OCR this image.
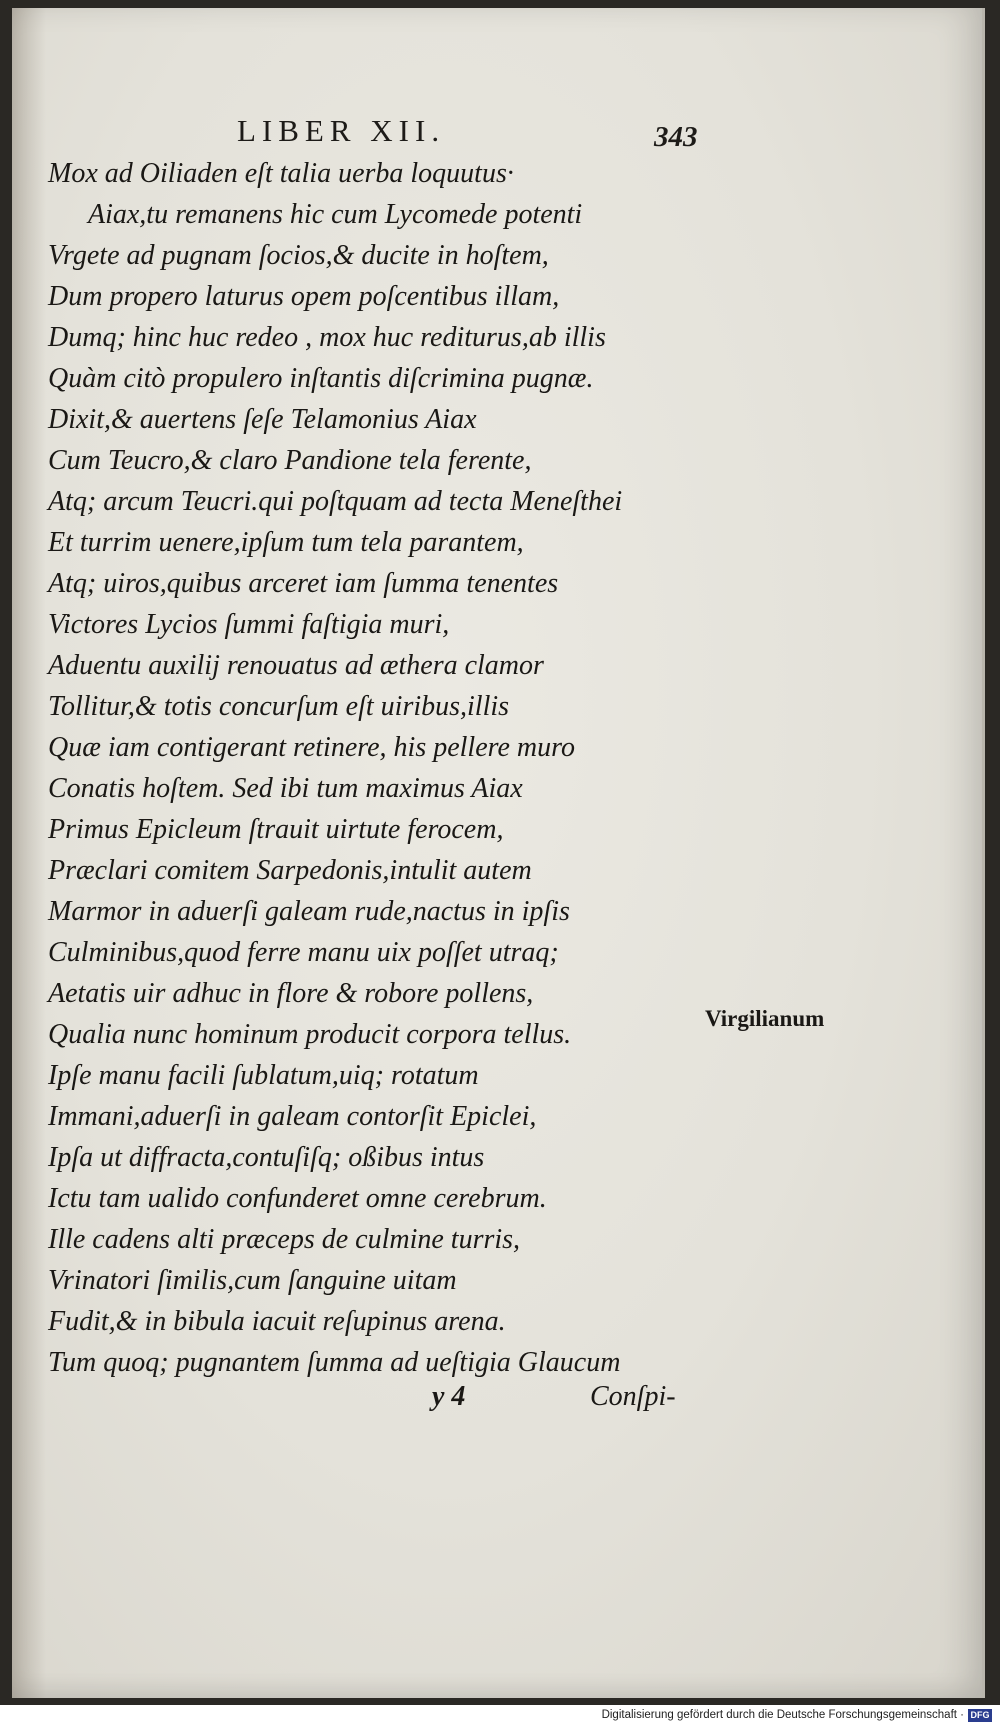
LIBER XII.	343
Mox ad Oiliaden eſt talia uerba loquutus·
Aiax,tu remanens hic cum Lycomede potenti
Vrgete ad pugnam ſocios,& ducite in hoſtem,
Dum propero laturus opem poſcentibus illam,
Dumq; hinc huc redeo , mox huc rediturus,ab illis
Quàm citò propulero inſtantis diſcrimina pugnæ.
Dixit,& auertens ſeſe Telamonius Aiax
Cum Teucro,& claro Pandione tela ferente,
Atq; arcum Teucri.qui poſtquam ad tecta Meneſthei
Et turrim uenere,ipſum tum tela parantem,
Atq; uiros,quibus arceret iam ſumma tenentes
Victores Lycios ſummi faſtigia muri,
Aduentu auxilij renouatus ad æthera clamor
Tollitur,& totis concurſum eſt uiribus,illis
Quæ iam contigerant retinere, his pellere muro
Conatis hoſtem. Sed ibi tum maximus Aiax
Primus Epicleum ſtrauit uirtute ferocem,
Præclari comitem Sarpedonis,intulit autem
Marmor in aduerſi galeam rude,nactus in ipſis
Culminibus,quod ferre manu uix poſſet utraq;
Aetatis uir adhuc in flore & robore pollens,
Qualia nunc hominum producit corpora tellus.
Ipſe manu facili ſublatum,uiq; rotatum
Immani,aduerſi in galeam contorſit Epiclei,
Ipſa ut diffracta,contuſiſq; oßibus intus
Ictu tam ualido confunderet omne cerebrum.
Ille cadens alti præceps de culmine turris,
Vrinatori ſimilis,cum ſanguine uitam
Fudit,& in bibula iacuit reſupinus arena.
Tum quoq; pugnantem ſumma ad ueſtigia Glaucum
Virgilianum
y 4	Conſpi-
Digitalisierung gefördert durch die Deutsche Forschungsgemeinschaft · DFG
